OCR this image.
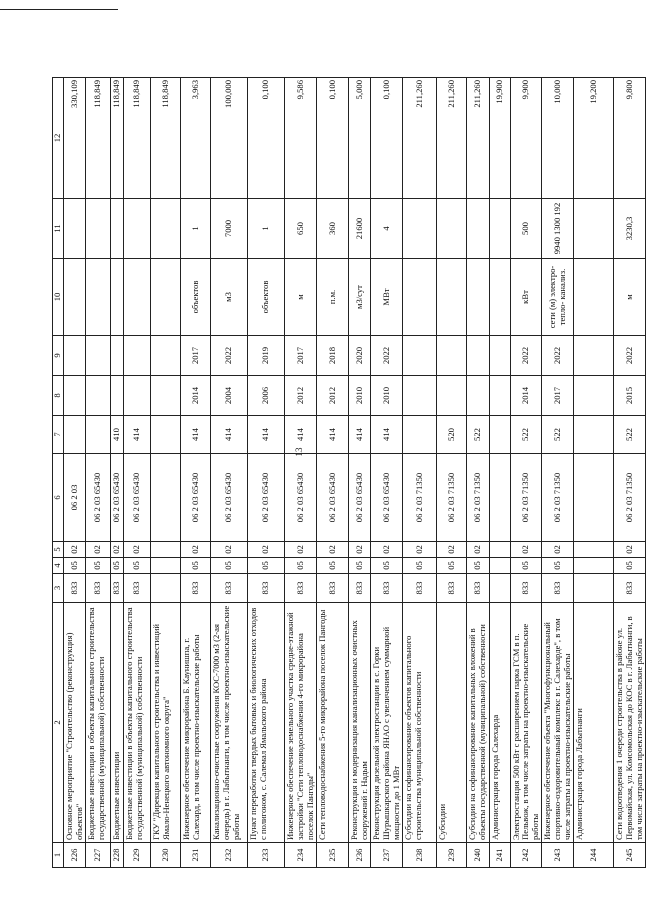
13
1	2	3	4	5	6	7	8	9	10	11	12
226	Основное мероприятие "Строительство (реконструкция) объектов"	833	05	02	06 2 03						330,109
227	Бюджетные инвестиции в объекты капитального строительства государственной (муниципальной) собственности	833	05	02	06 2 03 65430						118,849
228	Бюджетные инвестиции	833	05	02	06 2 03 65430	410					118,849
229	Бюджетные инвестиции в объекты капитального строительства государственной (муниципальной) собственности	833	05	02	06 2 03 65430	414					118,849
230	ГКУ "Дирекция капитального строительства и инвестиций Ямало-Ненецкого автономного округа"										118,849
231	Инженерное обеспечение микрорайона Б. Каунишпа, г. Салехард, в том числе проектно-изыскательские работы	833	05	02	06 2 03 65430	414	2014	2017	объектов	1	3,963
232	Канализационно-очистные сооружения КОС-7000 м3 (2-ая очередь) в г. Лабытнанги, в том числе проектно-изыскательские работы	833	05	02	06 2 03 65430	414	2004	2022	м3	7000	100,000
233	Пункт переработки твердых бытовых и биологических отходов с полигоном, с. Салемал Ямальского района	833	05	02	06 2 03 65430	414	2006	2019	объектов	1	0,100
234	Инженерное обеспечение земельного участка средне-этажной застройки "Сети тепловодоснабжения 4-го микрорайона поселок Пангоды"	833	05	02	06 2 03 65430	414	2012	2017	м	650	9,586
235	Сети тепловодоснабжения 5-го микрорайона поселок Пангоды	833	05	02	06 2 03 65430	414	2012	2018	п.м.	360	0,100
236	Реконструкция и модернизация канализационных очистных сооружений г. Надым	833	05	02	06 2 03 65430	414	2010	2020	м3/сут	21600	5,000
237	Реконструкция дизельной электростанции в с. Горки Шурышкарского района ЯНАО с увеличением суммарной мощности до 1 МВт	833	05	02	06 2 03 65430	414	2010	2022	МВт	4	0,100
238	Субсидии на софинансирование объектов капитального строительства муниципальной собственности	833	05	02	06 2 03 71350						211,260
239	Субсидии	833	05	02	06 2 03 71350	520					211,260
240	Субсидии на софинансирование капитальных вложений в объекты государственной (муниципальной) собственности	833	05	02	06 2 03 71350	522					211,260
241	Администрация города Салехарда										19,900
242	Электростанция 500 кВт с расширением парка ГСМ в п. Пельвож, в том числе затраты на проектно-изыскательские работы	833	05	02	06 2 03 71350	522	2014	2022	кВт	500	9,900
243	Инженерное обеспечение объекта "Многофункциональный спортивно-оздоровительный комплекс в г. Салехарде", в том числе затраты на проектно-изыскательские работы	833	05	02	06 2 03 71350	522	2017	2022	сети (м) электро- тепло- канализ.	9940 1300 192	10,000
244	Администрация города Лабытнанги										19,200
245	Сети водоотведения 1 очереди строительства в районе ул. Первомайская, ул. Комсомольская до КОС в г. Лабытнанги, в том числе затраты на проектно-изыскательские работы	833	05	02	06 2 03 71350	522	2015	2022	м	3230,3	9,800
